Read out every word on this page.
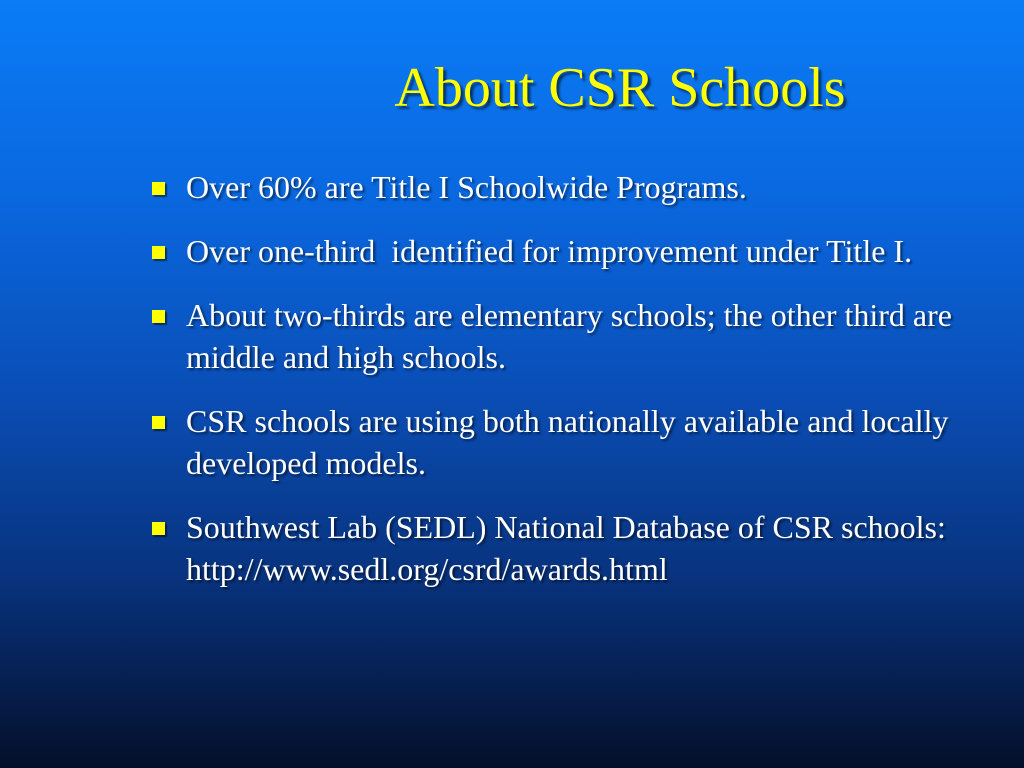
About CSR Schools
Over 60% are Title I Schoolwide Programs.
Over one-third  identified for improvement under Title I.
About two-thirds are elementary schools; the other third are middle and high schools.
CSR schools are using both nationally available and locally developed models.
Southwest Lab (SEDL) National Database of CSR schools: http://www.sedl.org/csrd/awards.html
